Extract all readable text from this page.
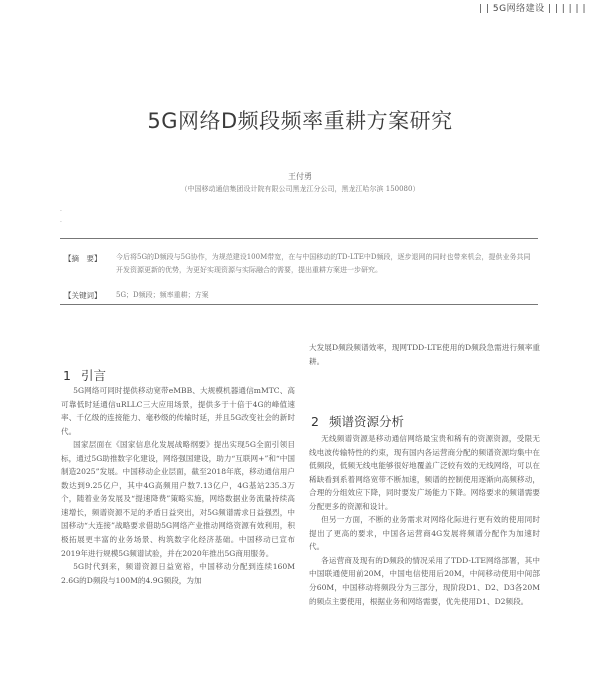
| | 5G网络建设 | | | | | |
5G网络D频段频率重耕方案研究
王付勇
（中国移动通信集团设计院有限公司黑龙江分公司，黑龙江哈尔滨 150080）
·
·
【摘　要】 今后将5G的D频段与5G协作，为规范建设100M带宽，在与中国移动的TD-LTE中D频段，逐步退网的同时也带来机会，提供业务共同开发资源更新的优势，为更好实现资源与实际融合的需要，提出重耕方案进一步研究。
【关键词】 5G；D频段；频率重耕；方案
1 引言

5G网络可同时提供移动宽带eMBB、大规模机器通信mMTC、高可靠低时延通信uRLLC三大应用场景，提供多于十倍于4G的峰值速率、千亿级的连接能力、毫秒级的传输时延，并且5G改变社会的新时代。

国家层面在《国家信息化发展战略纲要》提出实现5G全面引领目标，通过5G助推数字化建设，网络强国建设，助力“互联网+”和“中国制造2025”发展。中国移动企业层面，截至2018年底，移动通信用户数达到9.25亿户，其中4G高频用户数7.13亿户，4G基站235.3万个，随着业务发展及“提速降费”策略实施，网络数据业务流量持续高速增长，频谱资源不足的矛盾日益突出，对5G频谱需求日益强烈，中国移动“大连接”战略要求借助5G网络产业推动网络资源有效利用，积极拓展更丰富的业务场景、构筑数字化经济基础。中国移动已宣布2019年进行规模5G频谱试验，并在2020年推出5G商用服务。

5G时代到来，频谱资源日益宽裕，中国移动分配到连续160M 2.6G的D频段与100M的4.9G频段，为加

大发展D频段频谱效率，现网TDD-LTE使用的D频段急需进行频率重耕。

2 频谱资源分析

无线频谱资源是移动通信网络最宝贵和稀有的资源资源，受限无线电波传输特性的约束，现有国内各运营商分配的频谱资源均集中在低频段，低频无线电能够很好地覆盖广泛较有效的无线网络，可以在稀缺看到系着网络宽带不断加速，频谱的控制使用逐渐向高频移动，合理的分组效应下降，同时要发广场能力下降。网络要求的频谱需要分配更多的资源和设计。

但另一方面，不断的业务需求对网络化际进行更有效的使用同时提出了更高的要求，中国各运营商4G发展将频谱分配作为加速时代。

各运营商及现有的D频段的情况采用了TDD-LTE网络部署，其中中国联通使用前20M，中国电信使用后20M，中间移动使用中间部分60M，中国移动将频段分为三部分，现阶段D1、D2、D3各20M的频点主要使用，根据业务和网络需要，优先使用D1、D2频段。
